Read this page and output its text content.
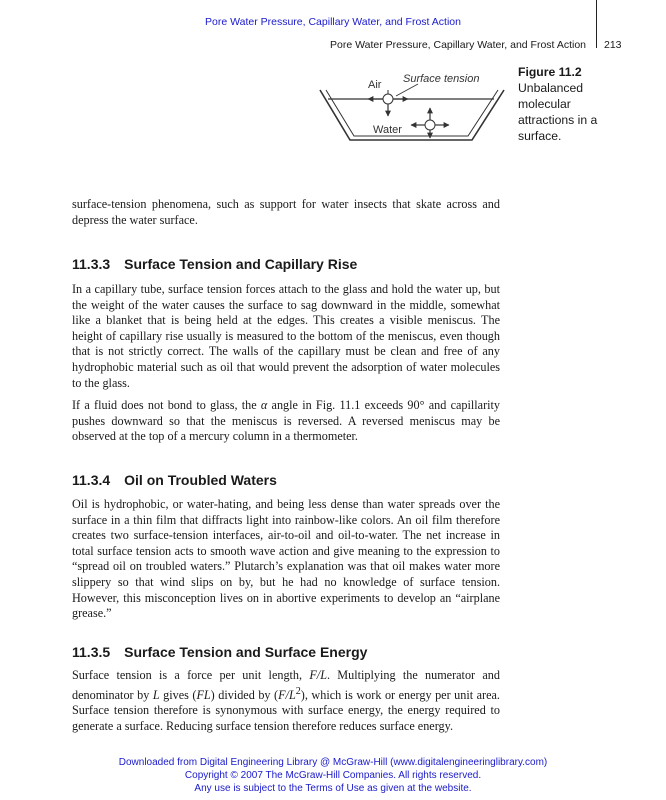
Pore Water Pressure, Capillary Water, and Frost Action
Pore Water Pressure, Capillary Water, and Frost Action 213
Air Surface tension
Water
Figure 11.2
Unbalanced molecular attractions in a surface.

surface-tension phenomena, such as support for water insects that skate across and depress the water surface.

11.3.3 Surface Tension and Capillary Rise

In a capillary tube, surface tension forces attach to the glass and hold the water up, but the weight of the water causes the surface to sag downward in the middle, somewhat like a blanket that is being held at the edges. This creates a visible meniscus. The height of capillary rise usually is measured to the bottom of the meniscus, even though that is not strictly correct. The walls of the capillary must be clean and free of any hydrophobic material such as oil that would prevent the adsorption of water molecules to the glass.

If a fluid does not bond to glass, the α angle in Fig. 11.1 exceeds 90° and capillarity pushes downward so that the meniscus is reversed. A reversed meniscus may be observed at the top of a mercury column in a thermometer.

11.3.4 Oil on Troubled Waters

Oil is hydrophobic, or water-hating, and being less dense than water spreads over the surface in a thin film that diffracts light into rainbow-like colors. An oil film therefore creates two surface-tension interfaces, air-to-oil and oil-to-water. The net increase in total surface tension acts to smooth wave action and give meaning to the expression to “spread oil on troubled waters.” Plutarch’s explanation was that oil makes water more slippery so that wind slips on by, but he had no knowledge of surface tension. However, this misconception lives on in abortive experiments to develop an “airplane grease.”

11.3.5 Surface Tension and Surface Energy

Surface tension is a force per unit length, F/L. Multiplying the numerator and denominator by L gives (FL) divided by $(F/L^2)$, which is work or energy per unit area. Surface tension therefore is synonymous with surface energy, the energy required to generate a surface. Reducing surface tension therefore reduces surface energy.

Downloaded from Digital Engineering Library @ McGraw-Hill (www.digitalengineeringlibrary.com)
Copyright © 2007 The McGraw-Hill Companies. All rights reserved.
Any use is subject to the Terms of Use as given at the website.
